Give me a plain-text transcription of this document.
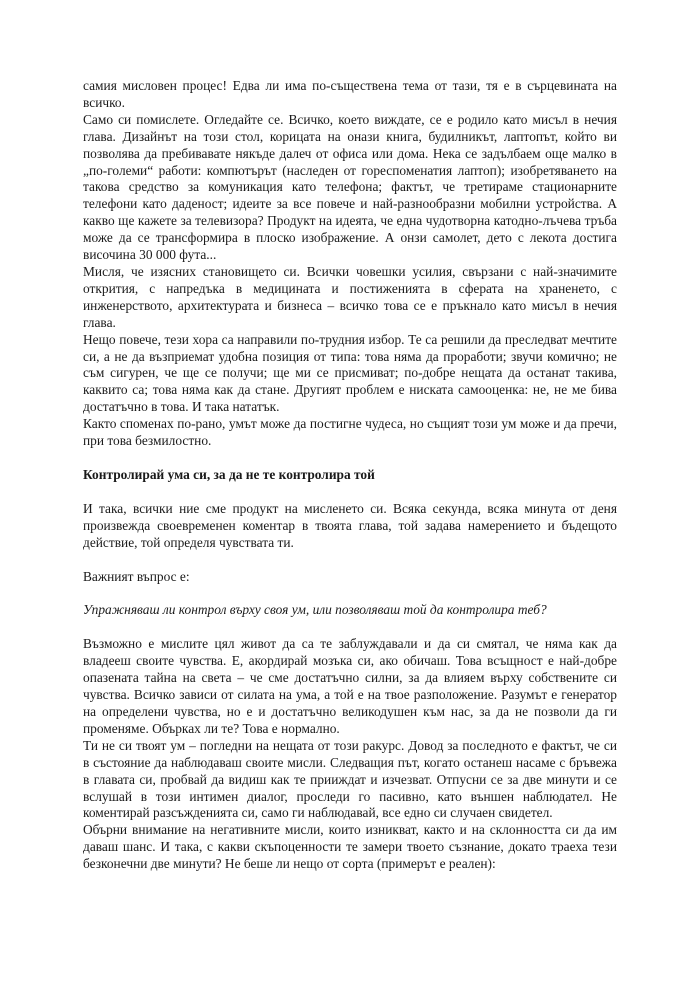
самия мисловен процес! Едва ли има по-съществена тема от тази, тя е в сърцевината на всичко.

Само си помислете. Огледайте се. Всичко, което виждате, се е родило като мисъл в нечия глава. Дизайнът на този стол, корицата на онази книга, будилникът, лаптопът, който ви позволява да пребивавате някъде далеч от офиса или дома. Нека се задълбаем още малко в „по-големи“ работи: компютърът (наследен от гореспоменатия лаптоп); изобретяването на такова средство за комуникация като телефона; фактът, че третираме стационарните телефони като даденост; идеите за все повече и най-разнообразни мобилни устройства. А какво ще кажете за телевизора? Продукт на идеята, че една чудотворна катодно-лъчева тръба може да се трансформира в плоско изображение. А онзи самолет, дето с лекота достига височина 30 000 фута...

Мисля, че изясних становището си. Всички човешки усилия, свързани с най-значимите открития, с напредъка в медицината и постиженията в сферата на храненето, с инженерството, архитектурата и бизнеса – всичко това се е пръкнало като мисъл в нечия глава.

Нещо повече, тези хора са направили по-трудния избор. Те са решили да преследват мечтите си, а не да възприемат удобна позиция от типа: това няма да проработи; звучи комично; не съм сигурен, че ще се получи; ще ми се присмиват; по-добре нещата да останат такива, каквито са; това няма как да стане. Другият проблем е ниската самооценка: не, не ме бива достатъчно в това. И така нататък.

Както споменах по-рано, умът може да постигне чудеса, но същият този ум може и да пречи, при това безмилостно.

Контролирай ума си, за да не те контролира той

И така, всички ние сме продукт на мисленето си. Всяка секунда, всяка минута от деня произвежда своевременен коментар в твоята глава, той задава намерението и бъдещото действие, той определя чувствата ти.

Важният въпрос е:

Упражняваш ли контрол върху своя ум, или позволяваш той да контролира теб?

Възможно е мислите цял живот да са те заблуждавали и да си смятал, че няма как да владееш своите чувства. Е, акордирай мозъка си, ако обичаш. Това всъщност е най-добре опазената тайна на света – че сме достатъчно силни, за да влияем върху собствените си чувства. Всичко зависи от силата на ума, а той е на твое разположение. Разумът е генератор на определени чувства, но е и достатъчно великодушен към нас, за да не позволи да ги променяме. Обърках ли те? Това е нормално.

Ти не си твоят ум – погледни на нещата от този ракурс. Довод за последното е фактът, че си в състояние да наблюдаваш своите мисли. Следващия път, когато останеш насаме с бръвежа в главата си, пробвай да видиш как те прииждат и изчезват. Отпусни се за две минути и се вслушай в този интимен диалог, проследи го пасивно, като външен наблюдател. Не коментирай разсъжденията си, само ги наблюдавай, все едно си случаен свидетел.

Обърни внимание на негативните мисли, които изникват, както и на склонността си да им даваш шанс. И така, с какви скъпоценности те замери твоето съзнание, докато траеха тези безконечни две минути? Не беше ли нещо от сорта (примерът е реален):
